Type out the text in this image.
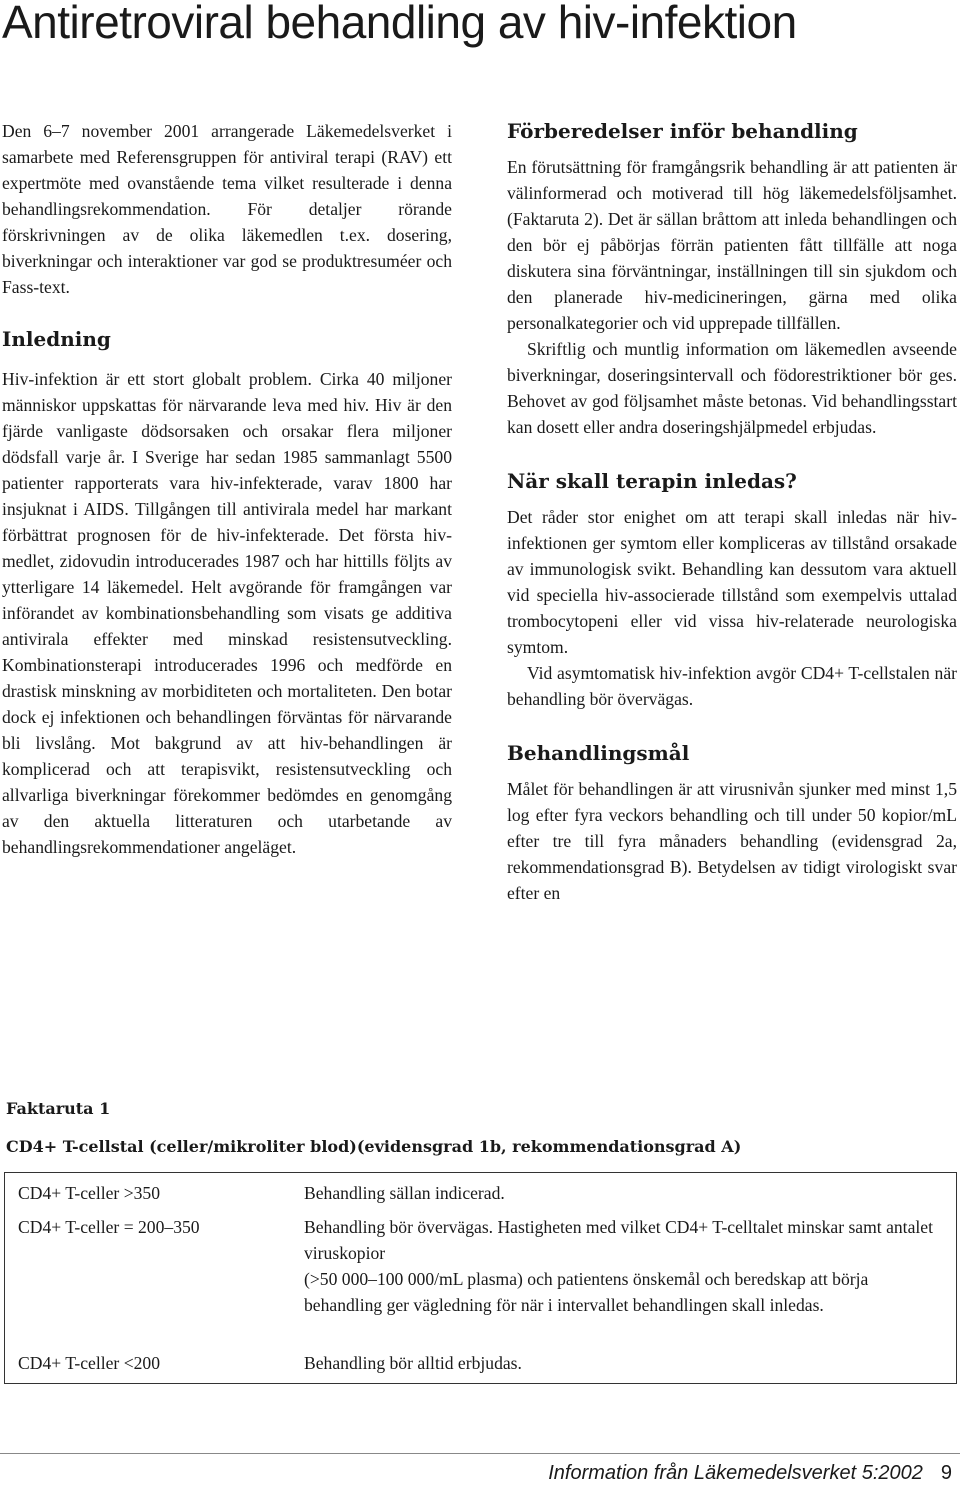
Antiretroviral behandling av hiv-infektion

Den 6–7 november 2001 arrangerade Läkemedelsverket i samarbete med Referensgruppen för antiviral terapi (RAV) ett expertmöte med ovanstående tema vilket resulterade i denna behandlingsrekommendation. För detaljer rörande förskrivningen av de olika läkemedlen t.ex. dosering, biverkningar och interaktioner var god se produktresuméer och Fass-text.

Inledning

Hiv-infektion är ett stort globalt problem. Cirka 40 miljoner människor uppskattas för närvarande leva med hiv. Hiv är den fjärde vanligaste dödsorsaken och orsakar flera miljoner dödsfall varje år. I Sverige har sedan 1985 sammanlagt 5500 patienter rapporterats vara hiv-infekterade, varav 1800 har insjuknat i AIDS. Tillgången till antivirala medel har markant förbättrat prognosen för de hiv-infekterade. Det första hiv-medlet, zidovudin introducerades 1987 och har hittills följts av ytterligare 14 läkemedel. Helt avgörande för framgången var införandet av kombinationsbehandling som visats ge additiva antivirala effekter med minskad resistensutveckling. Kombinationsterapi introducerades 1996 och medförde en drastisk minskning av morbiditeten och mortaliteten. Den botar dock ej infektionen och behandlingen förväntas för närvarande bli livslång. Mot bakgrund av att hiv-behandlingen är komplicerad och att terapisvikt, resistensutveckling och allvarliga biverkningar förekommer bedömdes en genomgång av den aktuella litteraturen och utarbetande av behandlingsrekommendationer angeläget.

Förberedelser inför behandling

En förutsättning för framgångsrik behandling är att patienten är välinformerad och motiverad till hög läkemedelsföljsamhet. (Faktaruta 2). Det är sällan bråttom att inleda behandlingen och den bör ej påbörjas förrän patienten fått tillfälle att noga diskutera sina förväntningar, inställningen till sin sjukdom och den planerade hiv-medicineringen, gärna med olika personalkategorier och vid upprepade tillfällen.

Skriftlig och muntlig information om läkemedlen avseende biverkningar, doseringsintervall och födorestriktioner bör ges. Behovet av god följsamhet måste betonas. Vid behandlingsstart kan dosett eller andra doseringshjälpmedel erbjudas.

När skall terapin inledas?

Det råder stor enighet om att terapi skall inledas när hiv-infektionen ger symtom eller kompliceras av tillstånd orsakade av immunologisk svikt. Behandling kan dessutom vara aktuell vid speciella hiv-associerade tillstånd som exempelvis uttalad trombocytopeni eller vid vissa hiv-relaterade neurologiska symtom.

Vid asymtomatisk hiv-infektion avgör CD4+ T-cellstalen när behandling bör övervägas.

Behandlingsmål

Målet för behandlingen är att virusnivån sjunker med minst 1,5 log efter fyra veckors behandling och till under 50 kopior/mL efter tre till fyra månaders behandling (evidensgrad 2a, rekommendationsgrad B). Betydelsen av tidigt virologiskt svar efter en

Faktaruta 1
CD4+ T-cellstal (celler/mikroliter blod)(evidensgrad 1b, rekommendationsgrad A)
CD4+ T-celler >350	Behandling sällan indicerad.
CD4+ T-celler = 200–350	Behandling bör övervägas. Hastigheten med vilket CD4+ T-celltalet minskar samt antalet viruskopior
(>50 000–100 000/mL plasma) och patientens önskemål och beredskap att börja behandling ger vägledning för när i intervallet behandlingen skall inledas.
CD4+ T-celler <200	Behandling bör alltid erbjudas.
Information från Läkemedelsverket 5:2002 9
